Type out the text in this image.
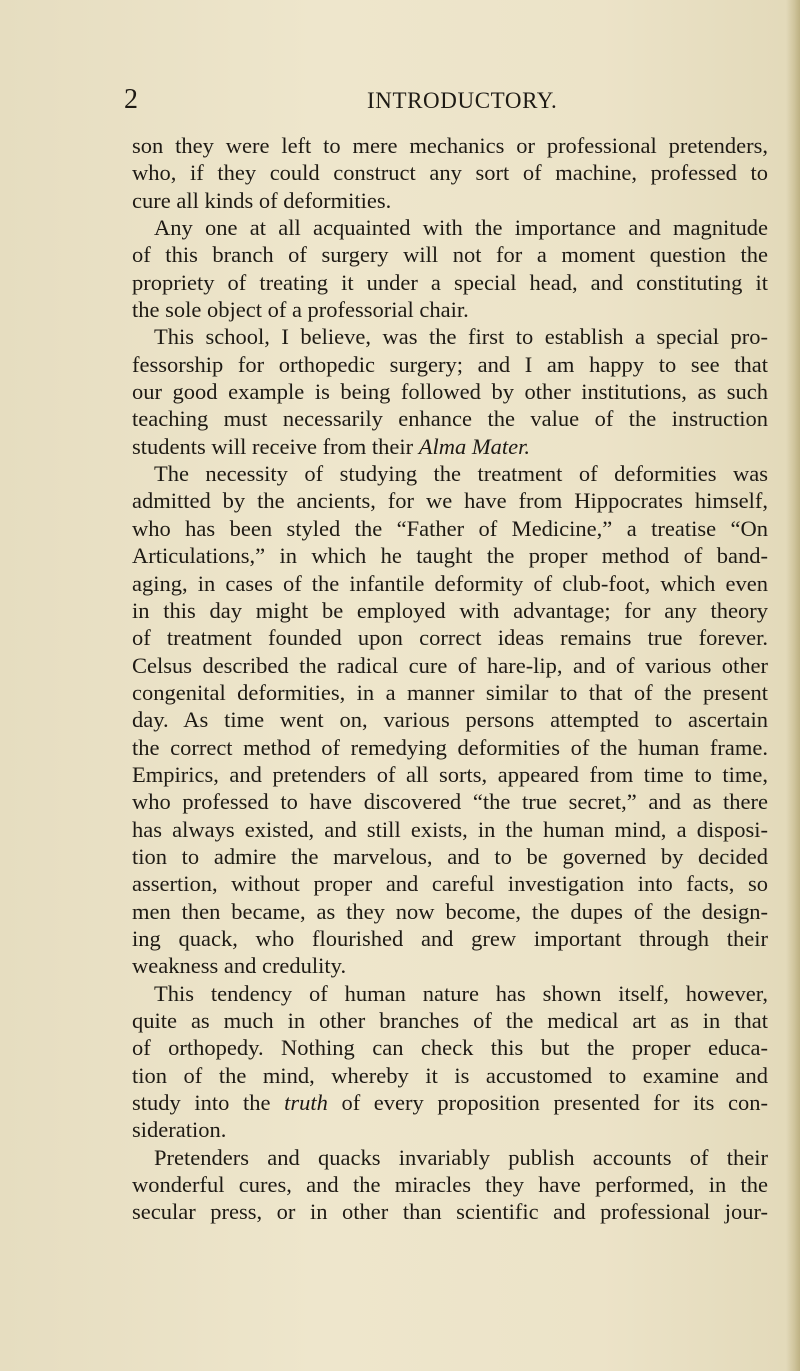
2	INTRODUCTORY.
son they were left to mere mechanics or professional pretenders,
who, if they could construct any sort of machine, professed to
cure all kinds of deformities.
Any one at all acquainted with the importance and magnitude
of this branch of surgery will not for a moment question the
propriety of treating it under a special head, and constituting it
the sole object of a professorial chair.
This school, I believe, was the first to establish a special pro-
fessorship for orthopedic surgery; and I am happy to see that
our good example is being followed by other institutions, as such
teaching must necessarily enhance the value of the instruction
students will receive from their Alma Mater.
The necessity of studying the treatment of deformities was
admitted by the ancients, for we have from Hippocrates himself,
who has been styled the “Father of Medicine,” a treatise “On
Articulations,” in which he taught the proper method of band-
aging, in cases of the infantile deformity of club-foot, which even
in this day might be employed with advantage; for any theory
of treatment founded upon correct ideas remains true forever.
Celsus described the radical cure of hare-lip, and of various other
congenital deformities, in a manner similar to that of the present
day. As time went on, various persons attempted to ascertain
the correct method of remedying deformities of the human frame.
Empirics, and pretenders of all sorts, appeared from time to time,
who professed to have discovered “the true secret,” and as there
has always existed, and still exists, in the human mind, a disposi-
tion to admire the marvelous, and to be governed by decided
assertion, without proper and careful investigation into facts, so
men then became, as they now become, the dupes of the design-
ing quack, who flourished and grew important through their
weakness and credulity.
This tendency of human nature has shown itself, however,
quite as much in other branches of the medical art as in that
of orthopedy. Nothing can check this but the proper educa-
tion of the mind, whereby it is accustomed to examine and
study into the truth of every proposition presented for its con-
sideration.
Pretenders and quacks invariably publish accounts of their
wonderful cures, and the miracles they have performed, in the
secular press, or in other than scientific and professional jour-
